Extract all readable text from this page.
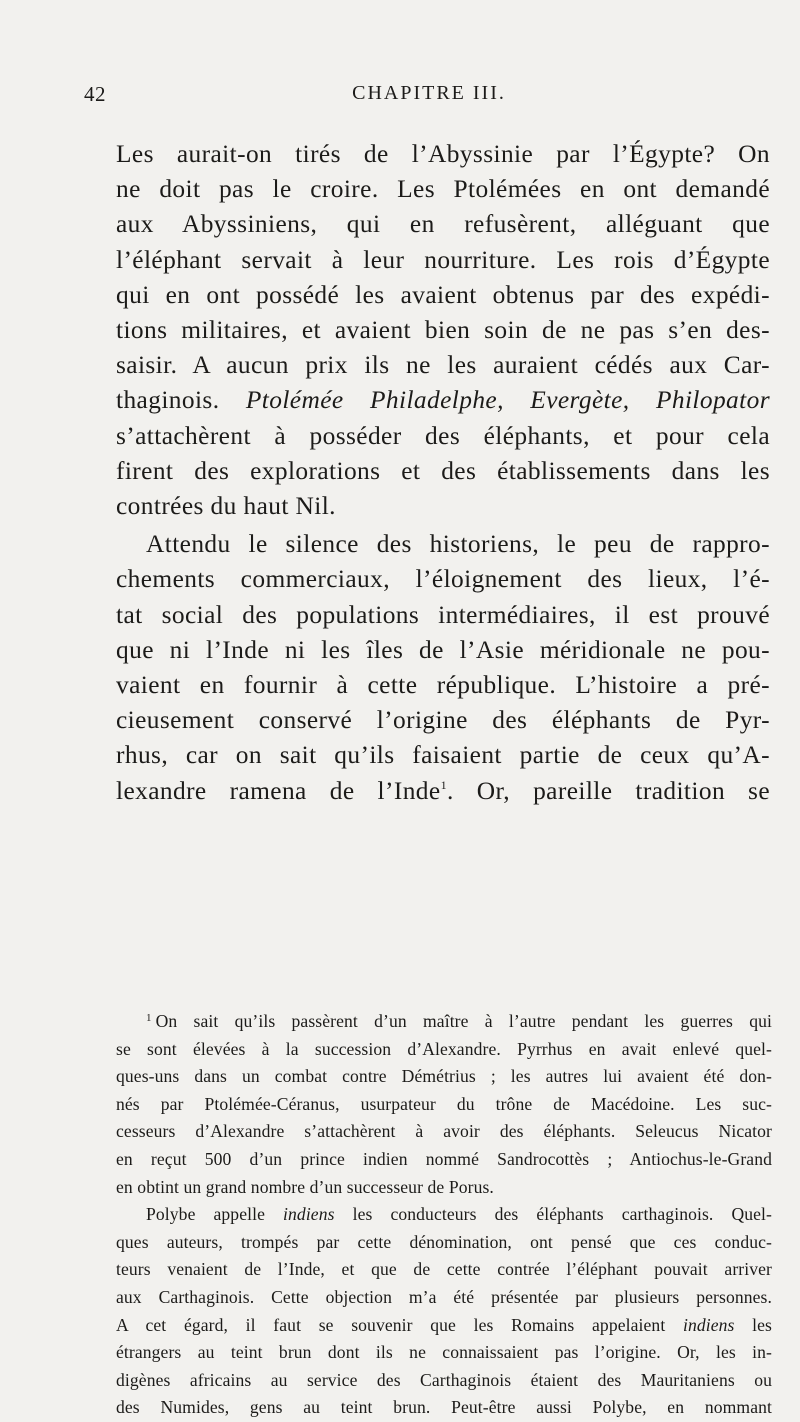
42	CHAPITRE III.
Les aurait-on tirés de l’Abyssinie par l’Égypte? On
ne doit pas le croire. Les Ptolémées en ont demandé
aux Abyssiniens, qui en refusèrent, alléguant que
l’éléphant servait à leur nourriture. Les rois d’Égypte
qui en ont possédé les avaient obtenus par des expédi-
tions militaires, et avaient bien soin de ne pas s’en des-
saisir. A aucun prix ils ne les auraient cédés aux Car-
thaginois. Ptolémée Philadelphe, Evergète, Philopator
s’attachèrent à posséder des éléphants, et pour cela
firent des explorations et des établissements dans les
contrées du haut Nil.
Attendu le silence des historiens, le peu de rappro-
chements commerciaux, l’éloignement des lieux, l’é-
tat social des populations intermédiaires, il est prouvé
que ni l’Inde ni les îles de l’Asie méridionale ne pou-
vaient en fournir à cette république. L’histoire a pré-
cieusement conservé l’origine des éléphants de Pyr-
rhus, car on sait qu’ils faisaient partie de ceux qu’A-
lexandre ramena de l’Inde$^1$. Or, pareille tradition se
$^1$ On sait qu’ils passèrent d’un maître à l’autre pendant les guerres qui
se sont élevées à la succession d’Alexandre. Pyrrhus en avait enlevé quel-
ques-uns dans un combat contre Démétrius ; les autres lui avaient été don-
nés par Ptolémée-Céranus, usurpateur du trône de Macédoine. Les suc-
cesseurs d’Alexandre s’attachèrent à avoir des éléphants. Seleucus Nicator
en reçut 500 d’un prince indien nommé Sandrocottès ; Antiochus-le-Grand
en obtint un grand nombre d’un successeur de Porus.
Polybe appelle indiens les conducteurs des éléphants carthaginois. Quel-
ques auteurs, trompés par cette dénomination, ont pensé que ces conduc-
teurs venaient de l’Inde, et que de cette contrée l’éléphant pouvait arriver
aux Carthaginois. Cette objection m’a été présentée par plusieurs personnes.
A cet égard, il faut se souvenir que les Romains appelaient indiens les
étrangers au teint brun dont ils ne connaissaient pas l’origine. Or, les in-
digènes africains au service des Carthaginois étaient des Mauritaniens ou
des Numides, gens au teint brun. Peut-être aussi Polybe, en nommant
